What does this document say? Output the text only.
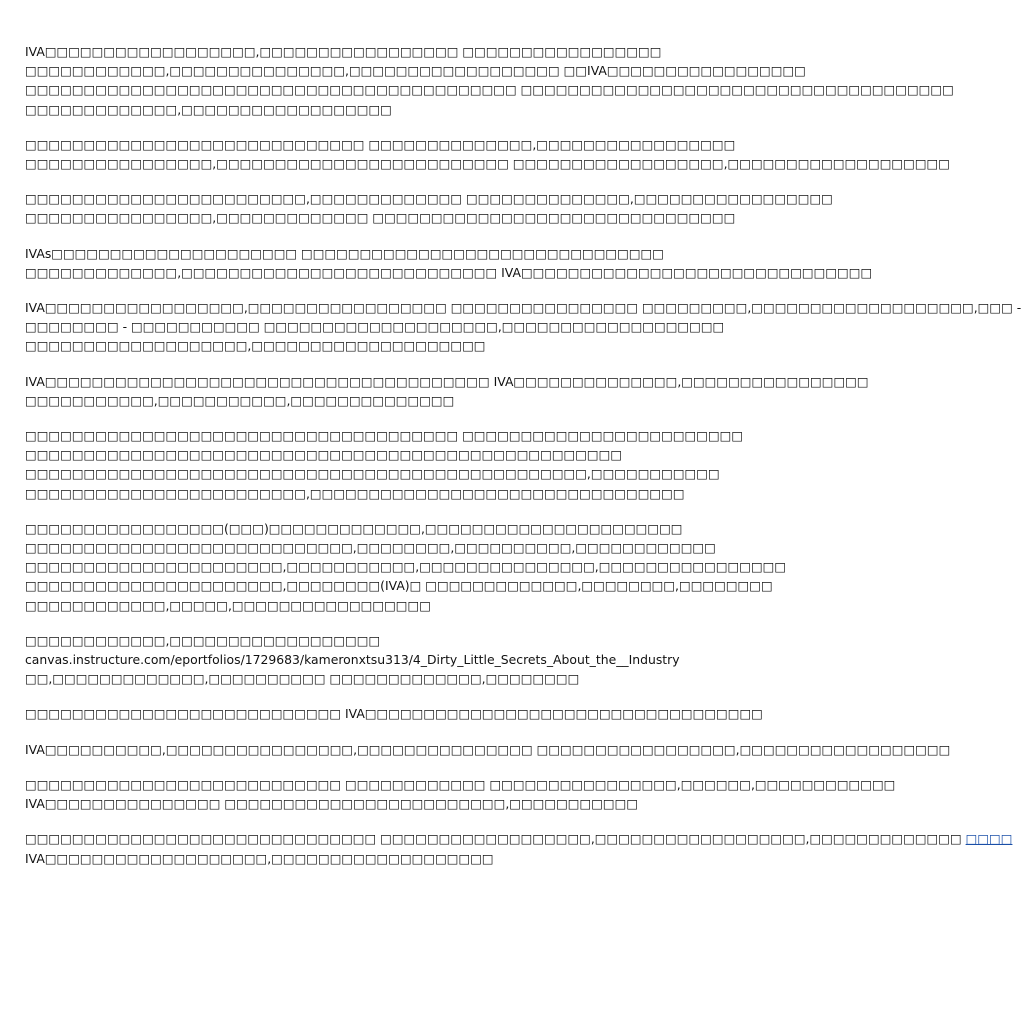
IVA□□□□□□□□□□□□□□□□□□,□□□□□□□□□□□□□□□□□ □□□□□□□□□□□□□□□□□
□□□□□□□□□□□□,□□□□□□□□□□□□□□□,□□□□□□□□□□□□□□□□□□ □□IVA□□□□□□□□□□□□□□□□□
□□□□□□□□□□□□□□□□□□□□□□□□□□□□□□□□□□□□□□□□□□ □□□□□□□□□□□□□□□□□□□□□□□□□□□□□□□□□□□□□
□□□□□□□□□□□□□,□□□□□□□□□□□□□□□□□□

□□□□□□□□□□□□□□□□□□□□□□□□□□□□□ □□□□□□□□□□□□□□,□□□□□□□□□□□□□□□□□
□□□□□□□□□□□□□□□□,□□□□□□□□□□□□□□□□□□□□□□□□□ □□□□□□□□□□□□□□□□□□,□□□□□□□□□□□□□□□□□□□

□□□□□□□□□□□□□□□□□□□□□□□□,□□□□□□□□□□□□□ □□□□□□□□□□□□□□,□□□□□□□□□□□□□□□□□
□□□□□□□□□□□□□□□□,□□□□□□□□□□□□□ □□□□□□□□□□□□□□□□□□□□□□□□□□□□□□□

IVAs□□□□□□□□□□□□□□□□□□□□□ □□□□□□□□□□□□□□□□□□□□□□□□□□□□□□□
□□□□□□□□□□□□□,□□□□□□□□□□□□□□□□□□□□□□□□□□□ IVA□□□□□□□□□□□□□□□□□□□□□□□□□□□□□□

IVA□□□□□□□□□□□□□□□□□,□□□□□□□□□□□□□□□□□ □□□□□□□□□□□□□□□□ □□□□□□□□□,□□□□□□□□□□□□□□□□□□□,□□□ -
□□□□□□□□ - □□□□□□□□□□□ □□□□□□□□□□□□□□□□□□□□,□□□□□□□□□□□□□□□□□□□
□□□□□□□□□□□□□□□□□□□,□□□□□□□□□□□□□□□□□□□□

IVA□□□□□□□□□□□□□□□□□□□□□□□□□□□□□□□□□□□□□□ IVA□□□□□□□□□□□□□□,□□□□□□□□□□□□□□□□
□□□□□□□□□□□,□□□□□□□□□□□,□□□□□□□□□□□□□□

□□□□□□□□□□□□□□□□□□□□□□□□□□□□□□□□□□□□□ □□□□□□□□□□□□□□□□□□□□□□□□
□□□□□□□□□□□□□□□□□□□□□□□□□□□□□□□□□□□□□□□□□□□□□□□□□□□
□□□□□□□□□□□□□□□□□□□□□□□□□□□□□□□□□□□□□□□□□□□□□□□□,□□□□□□□□□□□
□□□□□□□□□□□□□□□□□□□□□□□□,□□□□□□□□□□□□□□□□□□□□□□□□□□□□□□□□

□□□□□□□□□□□□□□□□□(□□□)□□□□□□□□□□□□□,□□□□□□□□□□□□□□□□□□□□□□
□□□□□□□□□□□□□□□□□□□□□□□□□□□□,□□□□□□□□,□□□□□□□□□□,□□□□□□□□□□□□
□□□□□□□□□□□□□□□□□□□□□□,□□□□□□□□□□□,□□□□□□□□□□□□□□□,□□□□□□□□□□□□□□□□
□□□□□□□□□□□□□□□□□□□□□□,□□□□□□□□(IVA)□ □□□□□□□□□□□□□,□□□□□□□□,□□□□□□□□
□□□□□□□□□□□□,□□□□□,□□□□□□□□□□□□□□□□□

□□□□□□□□□□□□,□□□□□□□□□□□□□□□□□□
canvas.instructure.com/eportfolios/1729683/kameronxtsu313/4_Dirty_Little_Secrets_About_the__Industry
□□,□□□□□□□□□□□□□,□□□□□□□□□□ □□□□□□□□□□□□□,□□□□□□□□

□□□□□□□□□□□□□□□□□□□□□□□□□□□ IVA□□□□□□□□□□□□□□□□□□□□□□□□□□□□□□□□□□

IVA□□□□□□□□□□,□□□□□□□□□□□□□□□□,□□□□□□□□□□□□□□□ □□□□□□□□□□□□□□□□□,□□□□□□□□□□□□□□□□□□

□□□□□□□□□□□□□□□□□□□□□□□□□□□ □□□□□□□□□□□□ □□□□□□□□□□□□□□□□,□□□□□□,□□□□□□□□□□□□
IVA□□□□□□□□□□□□□□□ □□□□□□□□□□□□□□□□□□□□□□□□,□□□□□□□□□□□

□□□□□□□□□□□□□□□□□□□□□□□□□□□□□□ □□□□□□□□□□□□□□□□□□,□□□□□□□□□□□□□□□□□□,□□□□□□□□□□□□□ □□□□
IVA□□□□□□□□□□□□□□□□□□□,□□□□□□□□□□□□□□□□□□□
